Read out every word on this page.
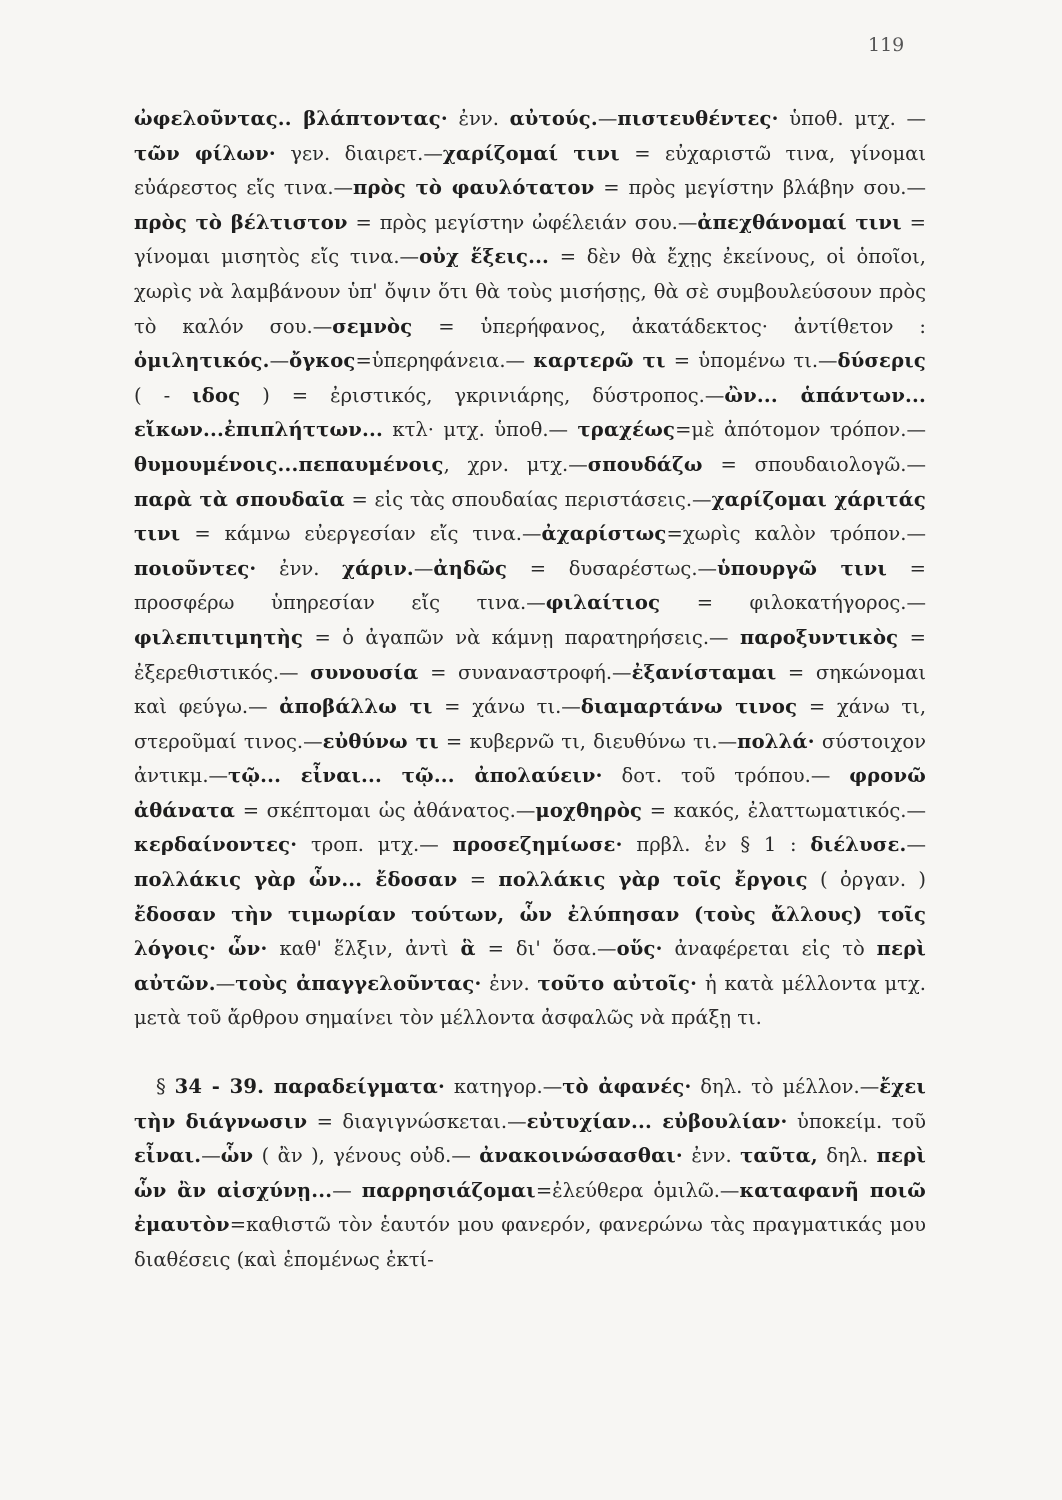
119

ὠφελοῦντας.. βλάπτοντας· ἐνν. αὐτούς.—πιστευθέντες· ὑποθ. μτχ. —τῶν φίλων· γεν. διαιρετ.—χαρίζομαί τινι = εὐχαριστῶ τινα, γίνομαι εὐάρεστος εἴς τινα.—πρὸς τὸ φαυλότατον = πρὸς μεγίστην βλάβην σου.—πρὸς τὸ βέλτιστον = πρὸς μεγίστην ὠφέλειάν σου.—ἀπεχθάνομαί τινι = γίνομαι μισητὸς εἴς τινα.—οὐχ ἕξεις... = δὲν θὰ ἔχῃς ἐκείνους, οἱ ὁποῖοι, χωρὶς νὰ λαμβάνουν ὑπ' ὄψιν ὅτι θὰ τοὺς μισήσῃς, θὰ σὲ συμβουλεύσουν πρὸς τὸ καλόν σου.—σεμνὸς = ὑπερήφανος, ἀκατάδεκτος· ἀντίθετον : ὁμιλητικός.—ὄγκος=ὑπερηφάνεια.— καρτερῶ τι = ὑπομένω τι.—δύσερις ( - ιδος ) = ἐριστικός, γκρινιάρης, δύστροπος.—ὢν... ἁπάντων... εἴκων...ἐπιπλήττων... κτλ· μτχ. ὑποθ.— τραχέως=μὲ ἀπότομον τρόπον.—θυμουμένοις...πεπαυμένοις, χρν. μτχ.—σπουδάζω = σπουδαιολογῶ.—παρὰ τὰ σπουδαῖα = εἰς τὰς σπουδαίας περιστάσεις.—χαρίζομαι χάριτάς τινι = κάμνω εὐεργεσίαν εἴς τινα.—ἀχαρίστως=χωρὶς καλὸν τρόπον.—ποιοῦντες· ἐνν. χάριν.—ἀηδῶς = δυσαρέστως.—ὑπουργῶ τινι = προσφέρω ὑπηρεσίαν εἴς τινα.—φιλαίτιος = φιλοκατήγορος.—φιλεπιτιμητὴς = ὁ ἀγαπῶν νὰ κάμνῃ παρατηρήσεις.— παροξυντικὸς = ἐξερεθιστικός.— συνουσία = συναναστροφή.—ἐξανίσταμαι = σηκώνομαι καὶ φεύγω.— ἀποβάλλω τι = χάνω τι.—διαμαρτάνω τινος = χάνω τι, στεροῦμαί τινος.—εὐθύνω τι = κυβερνῶ τι, διευθύνω τι.—πολλά· σύστοιχον ἀντικμ.—τῷ... εἶναι... τῷ... ἀπολαύειν· δοτ. τοῦ τρόπου.— φρονῶ ἀθάνατα = σκέπτομαι ὡς ἀθάνατος.—μοχθηρὸς = κακός, ἐλαττωματικός.— κερδαίνοντες· τροπ. μτχ.— προσεζημίωσε· πρβλ. ἐν § 1 : διέλυσε.—πολλάκις γὰρ ὧν... ἔδοσαν = πολλάκις γὰρ τοῖς ἔργοις ( ὀργαν. ) ἔδοσαν τὴν τιμωρίαν τούτων, ὧν ἐλύπησαν (τοὺς ἄλλους) τοῖς λόγοις· ὧν· καθ' ἕλξιν, ἀντὶ ἃ = δι' ὅσα.—οὕς· ἀναφέρεται εἰς τὸ περὶ αὐτῶν.—τοὺς ἀπαγγελοῦντας· ἐνν. τοῦτο αὐτοῖς· ἡ κατὰ μέλλοντα μτχ. μετὰ τοῦ ἄρθρου σημαίνει τὸν μέλλοντα ἀσφαλῶς νὰ πράξῃ τι.

§ 34 - 39. παραδείγματα· κατηγορ.—τὸ ἀφανές· δηλ. τὸ μέλλον.—ἔχει τὴν διάγνωσιν = διαγιγνώσκεται.—εὐτυχίαν... εὐβουλίαν· ὑποκείμ. τοῦ εἶναι.—ὧν ( ἂν ), γένους οὐδ.— ἀνακοινώσασθαι· ἐνν. ταῦτα, δηλ. περὶ ὧν ἂν αἰσχύνῃ...— παρρησιάζομαι=ἐλεύθερα ὁμιλῶ.—καταφανῆ ποιῶ ἐμαυτὸν=καθιστῶ τὸν ἑαυτόν μου φανερόν, φανερώνω τὰς πραγματικάς μου διαθέσεις (καὶ ἑπομένως ἐκτί-
